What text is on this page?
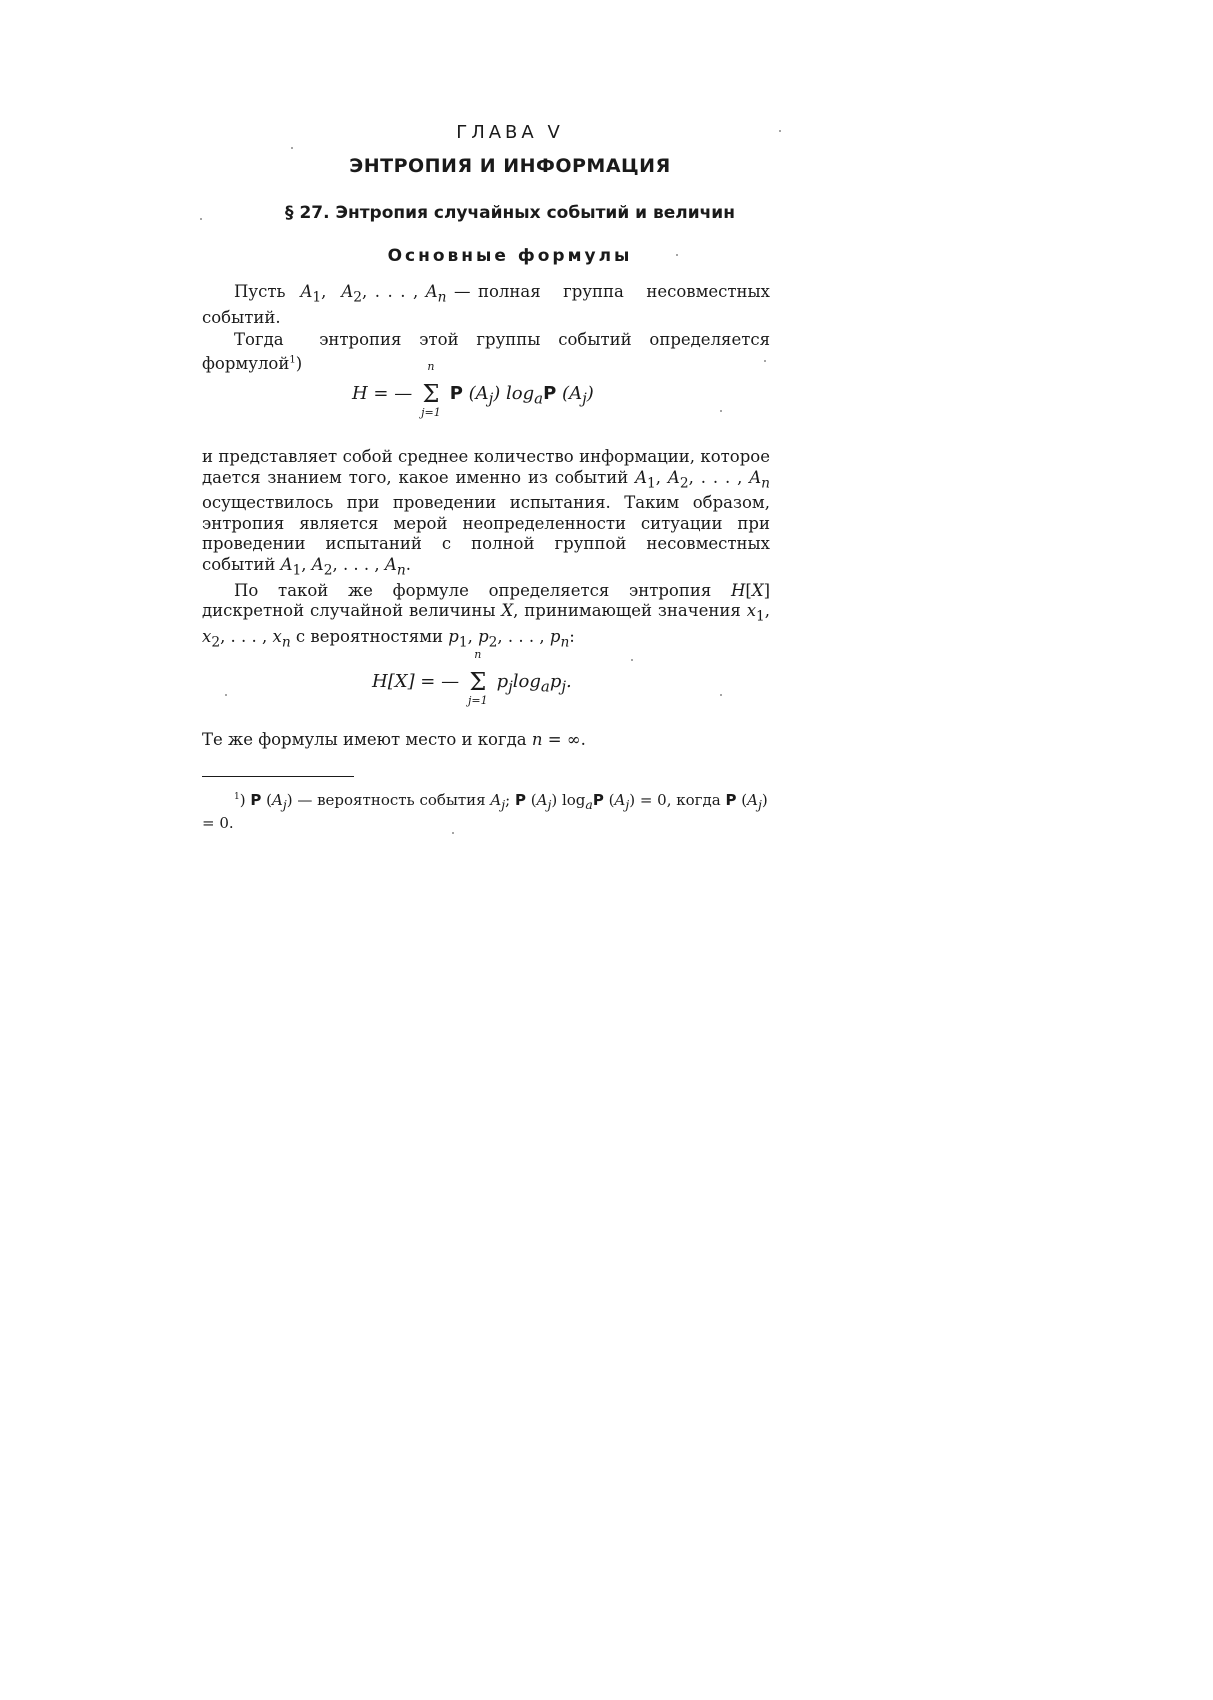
ГЛАВА V
ЭНТРОПИЯ И ИНФОРМАЦИЯ
§ 27. Энтропия случайных событий и величин
Основные формулы

Пусть  $A_1$,  $A_2$, . . . , $A_n$ — полная   группа   несовместных событий.

Тогда  энтропия этой группы событий определяется формулой$^1$)

H = —
n
Σ
j=1
P $(A_j)$ $\log_aP$ $(A_j)$

и представляет собой среднее количество информации, которое дается знанием того, какое именно из событий $A_1$, $A_2$, . . . , $A_n$ осуществилось при проведении испытания. Таким образом, энтропия является мерой неопределенности ситуации при проведении испытаний с полной группой несовместных событий $A_1$, $A_2$, . . . , $A_n$.

По такой же формуле определяется энтропия H[X] дискретной случайной величины X, принимающей значения $x_1$, $x_2$, . . . , $x_n$ с вероятностями $p_1$, $p_2$, . . . , $p_n$:

H[X] = —
n
Σ
j=1
$p_j\log_ap_j$.

Те же формулы имеют место и когда n = ∞.

$^1$) P $(A_j)$ — вероятность события $A_j$; P $(A_j)$ $\log_aP$ $(A_j) = 0$, когда P $(A_j) = 0$.
